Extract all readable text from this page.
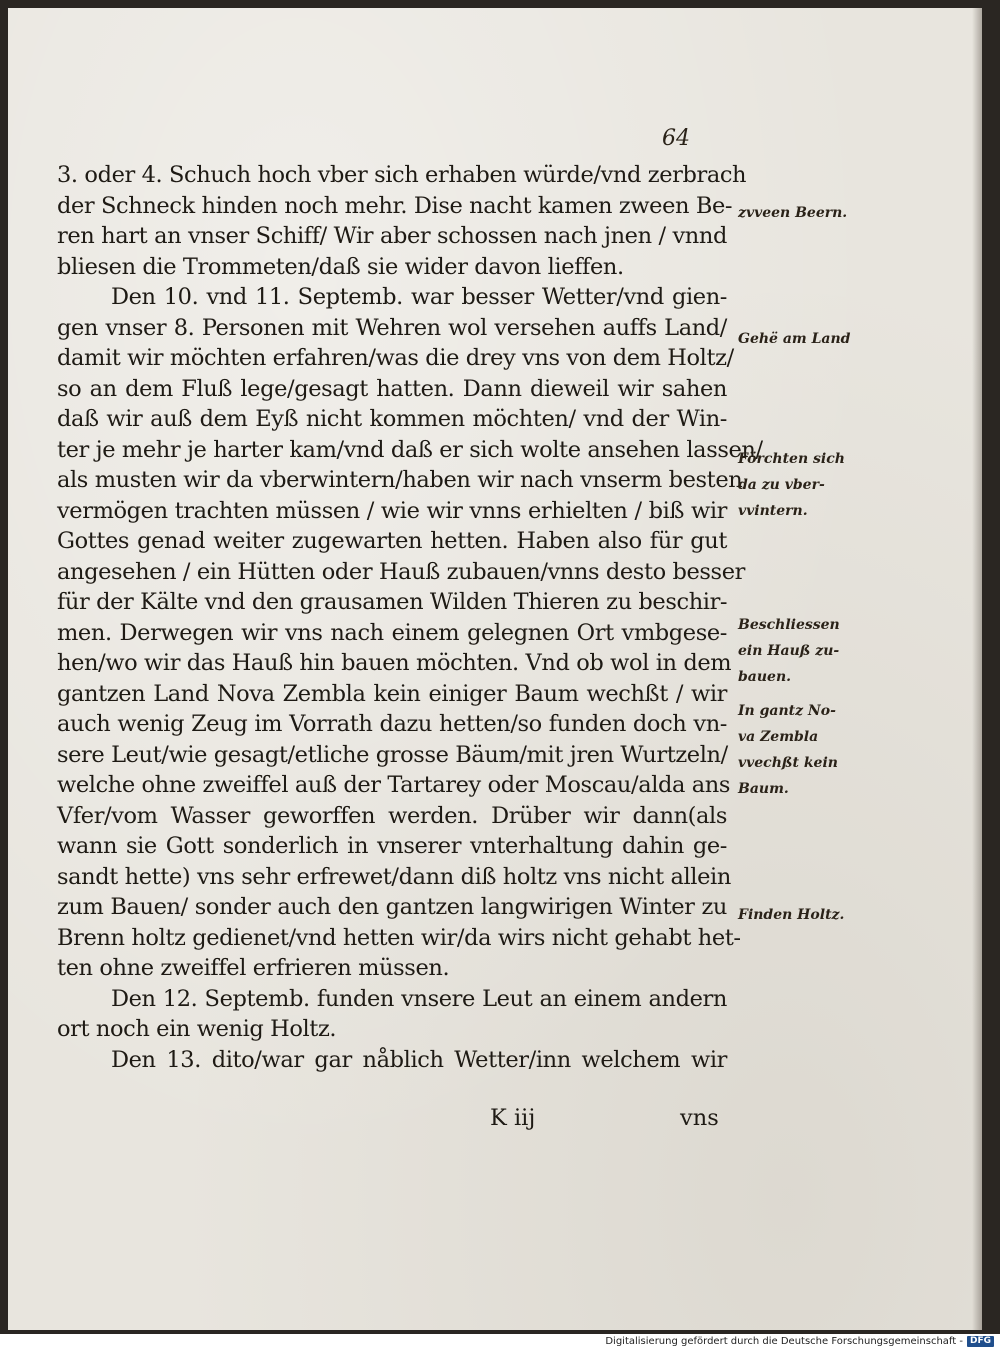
64
3. oder 4. Schuch hoch vber sich erhaben würde/vnd zerbrach
der Schneck hinden noch mehr. Dise nacht kamen zween Be-
ren hart an vnser Schiff/ Wir aber schossen nach jnen / vnnd
bliesen die Trommeten/daß sie wider davon lieffen.
Den 10. vnd 11. Septemb. war besser Wetter/vnd gien-
gen vnser 8. Personen mit Wehren wol versehen auffs Land/
damit wir möchten erfahren/was die drey vns von dem Holtz/
so an dem Fluß lege/gesagt hatten. Dann dieweil wir sahen
daß wir auß dem Eyß nicht kommen möchten/ vnd der Win-
ter je mehr je harter kam/vnd daß er sich wolte ansehen lassen/
als musten wir da vberwintern/haben wir nach vnserm besten
vermögen trachten müssen / wie wir vnns erhielten / biß wir
Gottes genad weiter zugewarten hetten. Haben also für gut
angesehen / ein Hütten oder Hauß zubauen/vnns desto besser
für der Kälte vnd den grausamen Wilden Thieren zu beschir-
men. Derwegen wir vns nach einem gelegnen Ort vmbgese-
hen/wo wir das Hauß hin bauen möchten. Vnd ob wol in dem
gantzen Land Nova Zembla kein einiger Baum wechßt / wir
auch wenig Zeug im Vorrath dazu hetten/so funden doch vn-
sere Leut/wie gesagt/etliche grosse Bäum/mit jren Wurtzeln/
welche ohne zweiffel auß der Tartarey oder Moscau/alda ans
Vfer/vom Wasser geworffen werden. Drüber wir dann(als
wann sie Gott sonderlich in vnserer vnterhaltung dahin ge-
sandt hette) vns sehr erfrewet/dann diß holtz vns nicht allein
zum Bauen/ sonder auch den gantzen langwirigen Winter zu
Brenn holtz gedienet/vnd hetten wir/da wirs nicht gehabt het-
ten ohne zweiffel erfrieren müssen.
Den 12. Septemb. funden vnsere Leut an einem andern
ort noch ein wenig Holtz.
Den 13. dito/war gar nåblich Wetter/inn welchem wir
K iij	vns
zvveen Beern.
Gehë am Land
Förchten sich
da zu vber-
vvintern.
Beschliessen
ein Hauß zu-
bauen.
In gantz No-
va Zembla
vvechßt kein
Baum.
Finden Holtz.
Digitalisierung gefördert durch die Deutsche Forschungsgemeinschaft - DFG
